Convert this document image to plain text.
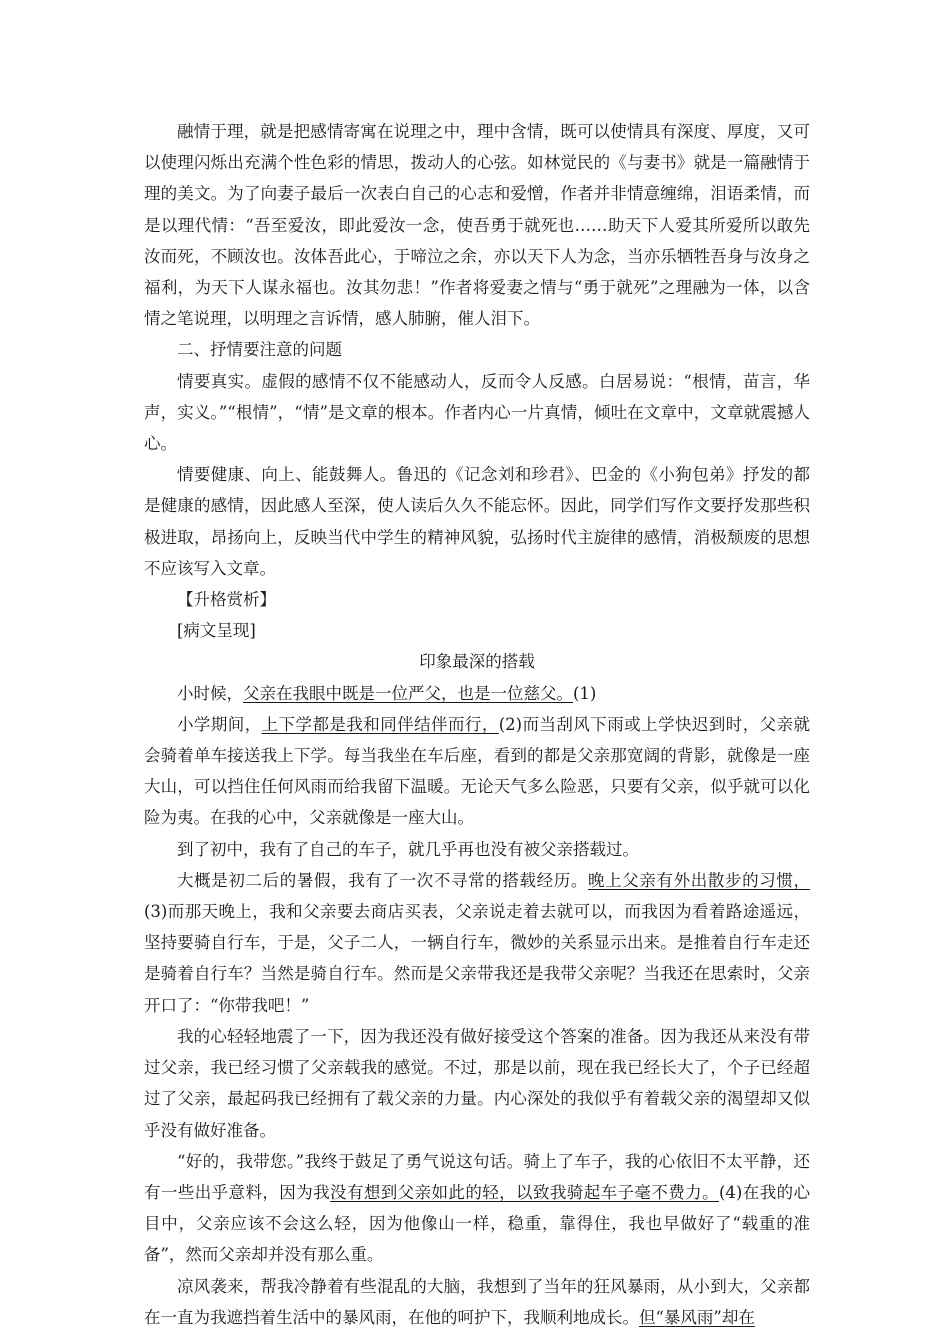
融情于理，就是把感情寄寓在说理之中，理中含情，既可以使情具有深度、厚度，又可以使理闪烁出充满个性色彩的情思，拨动人的心弦。如林觉民的《与妻书》就是一篇融情于理的美文。为了向妻子最后一次表白自己的心志和爱憎，作者并非情意缠绵，泪语柔情，而是以理代情：“吾至爱汝，即此爱汝一念，使吾勇于就死也……助天下人爱其所爱所以敢先汝而死，不顾汝也。汝体吾此心，于啼泣之余，亦以天下人为念，当亦乐牺牲吾身与汝身之福利，为天下人谋永福也。汝其勿悲！”作者将爱妻之情与“勇于就死”之理融为一体，以含情之笔说理，以明理之言诉情，感人肺腑，催人泪下。

二、抒情要注意的问题

情要真实。虚假的感情不仅不能感动人，反而令人反感。白居易说：“根情，苗言，华声，实义。”“根情”，“情”是文章的根本。作者内心一片真情，倾吐在文章中，文章就震撼人心。

情要健康、向上、能鼓舞人。鲁迅的《记念刘和珍君》、巴金的《小狗包弟》抒发的都是健康的感情，因此感人至深，使人读后久久不能忘怀。因此，同学们写作文要抒发那些积极进取，昂扬向上，反映当代中学生的精神风貌，弘扬时代主旋律的感情，消极颓废的思想不应该写入文章。

【升格赏析】

[病文呈现]

印象最深的搭载

小时候，父亲在我眼中既是一位严父，也是一位慈父。(1)

小学期间，上下学都是我和同伴结伴而行，(2)而当刮风下雨或上学快迟到时，父亲就会骑着单车接送我上下学。每当我坐在车后座，看到的都是父亲那宽阔的背影，就像是一座大山，可以挡住任何风雨而给我留下温暖。无论天气多么险恶，只要有父亲，似乎就可以化险为夷。在我的心中，父亲就像是一座大山。

到了初中，我有了自己的车子，就几乎再也没有被父亲搭载过。

大概是初二后的暑假，我有了一次不寻常的搭载经历。晚上父亲有外出散步的习惯，(3)而那天晚上，我和父亲要去商店买表，父亲说走着去就可以，而我因为看着路途遥远，坚持要骑自行车，于是，父子二人，一辆自行车，微妙的关系显示出来。是推着自行车走还是骑着自行车？当然是骑自行车。然而是父亲带我还是我带父亲呢？当我还在思索时，父亲开口了：“你带我吧！”

我的心轻轻地震了一下，因为我还没有做好接受这个答案的准备。因为我还从来没有带过父亲，我已经习惯了父亲载我的感觉。不过，那是以前，现在我已经长大了，个子已经超过了父亲，最起码我已经拥有了载父亲的力量。内心深处的我似乎有着载父亲的渴望却又似乎没有做好准备。

“好的，我带您。”我终于鼓足了勇气说这句话。骑上了车子，我的心依旧不太平静，还有一些出乎意料，因为我没有想到父亲如此的轻，以致我骑起车子毫不费力。(4)在我的心目中，父亲应该不会这么轻，因为他像山一样，稳重，靠得住，我也早做好了“载重的准备”，然而父亲却并没有那么重。

凉风袭来，帮我冷静着有些混乱的大脑，我想到了当年的狂风暴雨，从小到大，父亲都在一直为我遮挡着生活中的暴风雨，在他的呵护下，我顺利地成长。但“暴风雨”却在
